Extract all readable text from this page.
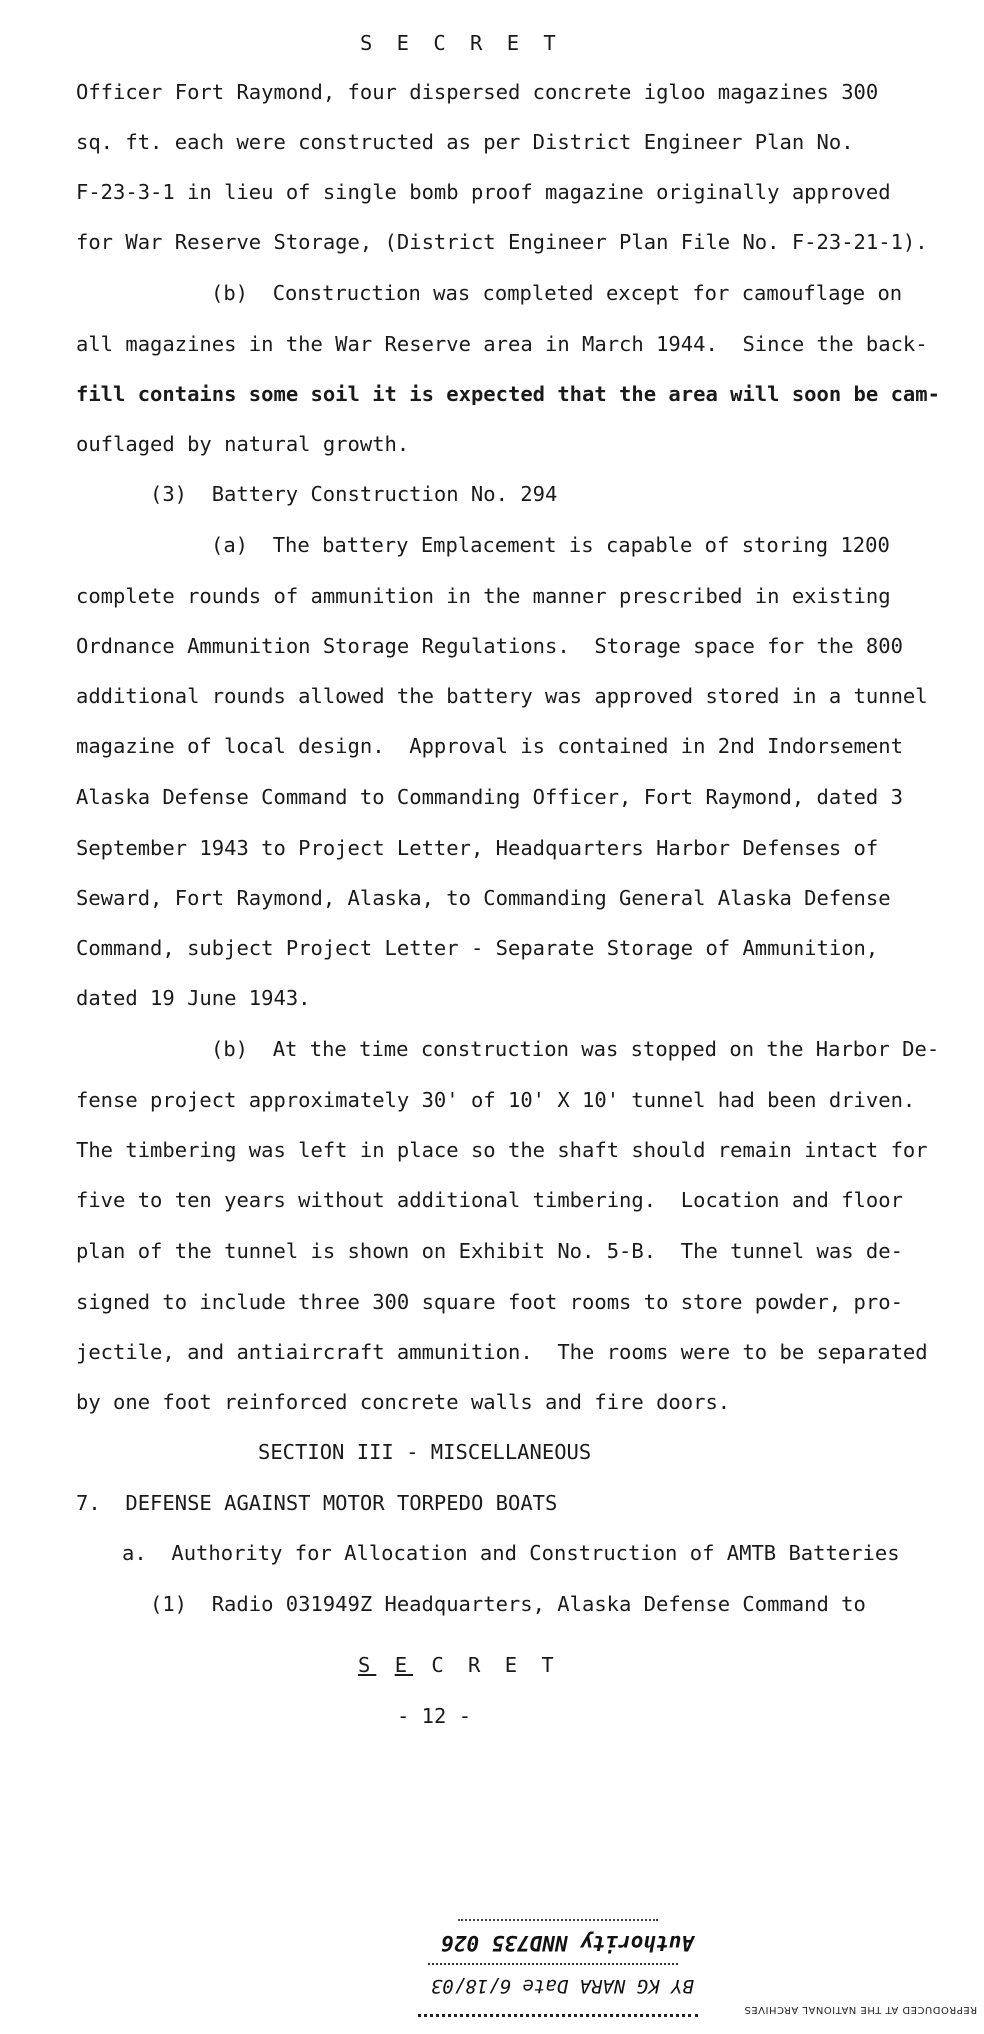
S E C R E T
Officer Fort Raymond, four dispersed concrete igloo magazines 300
sq. ft. each were constructed as per District Engineer Plan No.
F-23-3-1 in lieu of single bomb proof magazine originally approved
for War Reserve Storage, (District Engineer Plan File No. F-23-21-1).
(b)  Construction was completed except for camouflage on
all magazines in the War Reserve area in March 1944.  Since the back-
fill contains some soil it is expected that the area will soon be cam-
ouflaged by natural growth.
(3)  Battery Construction No. 294
(a)  The battery Emplacement is capable of storing 1200
complete rounds of ammunition in the manner prescribed in existing
Ordnance Ammunition Storage Regulations.  Storage space for the 800
additional rounds allowed the battery was approved stored in a tunnel
magazine of local design.  Approval is contained in 2nd Indorsement
Alaska Defense Command to Commanding Officer, Fort Raymond, dated 3
September 1943 to Project Letter, Headquarters Harbor Defenses of
Seward, Fort Raymond, Alaska, to Commanding General Alaska Defense
Command, subject Project Letter - Separate Storage of Ammunition,
dated 19 June 1943.
(b)  At the time construction was stopped on the Harbor De-
fense project approximately 30' of 10' X 10' tunnel had been driven.
The timbering was left in place so the shaft should remain intact for
five to ten years without additional timbering.  Location and floor
plan of the tunnel is shown on Exhibit No. 5-B.  The tunnel was de-
signed to include three 300 square foot rooms to store powder, pro-
jectile, and antiaircraft ammunition.  The rooms were to be separated
by one foot reinforced concrete walls and fire doors.
SECTION III - MISCELLANEOUS
7.  DEFENSE AGAINST MOTOR TORPEDO BOATS
a.  Authority for Allocation and Construction of AMTB Batteries
(1)  Radio 031949Z Headquarters, Alaska Defense Command to
S E C R E T
- 12 -
BY KG NARA Date 6/18/03
Authority NND735 026
REPRODUCED AT THE NATIONAL ARCHIVES
